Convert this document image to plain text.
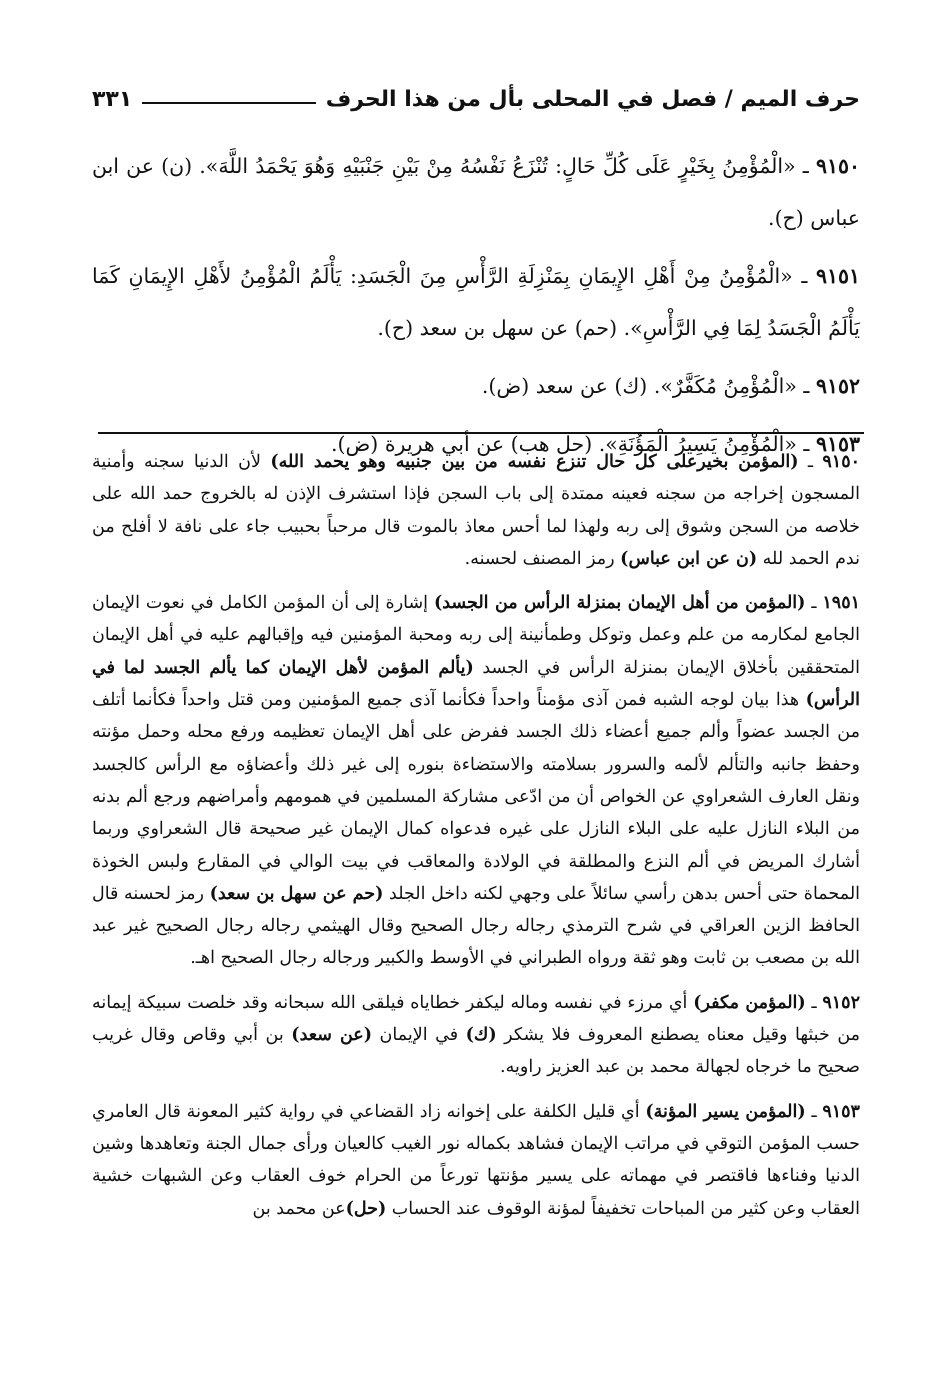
حرف الميم / فصل في المحلى بأل من هذا الحرف
٣٣١

٩١٥٠ ـ «الْمُؤْمِنُ بِخَيْرٍ عَلَى كُلِّ حَالٍ: تُنْزَعُ نَفْسُهُ مِنْ بَيْنِ جَنْبَيْهِ وَهُوَ يَحْمَدُ اللَّهَ». (ن) عن ابن عباس (ح).

٩١٥١ ـ «الْمُؤْمِنُ مِنْ أَهْلِ الإِيمَانِ بِمَنْزِلَةِ الرَّأْسِ مِنَ الْجَسَدِ: يَأْلَمُ الْمُؤْمِنُ لأَهْلِ الإِيمَانِ كَمَا يَأْلَمُ الْجَسَدُ لِمَا فِي الرَّأْسِ». (حم) عن سهل بن سعد (ح).

٩١٥٢ ـ «الْمُؤْمِنُ مُكَفَّرٌ». (ك) عن سعد (ض).

٩١٥٣ ـ «الْمُؤْمِنُ يَسِيرُ الْمَؤُنَةِ». (حل هب) عن أبي هريرة (ض).

٩١٥٠ ـ (المؤمن بخيرعلى كل حال تنزع نفسه من بين جنبيه وهو يحمد الله) لأن الدنيا سجنه وأمنية المسجون إخراجه من سجنه فعينه ممتدة إلى باب السجن فإذا استشرف الإذن له بالخروج حمد الله على خلاصه من السجن وشوق إلى ربه ولهذا لما أحس معاذ بالموت قال مرحباً بحبيب جاء على نافة لا أفلح من ندم الحمد لله (ن عن ابن عباس) رمز المصنف لحسنه.

١٩٥١ ـ (المؤمن من أهل الإيمان بمنزلة الرأس من الجسد) إشارة إلى أن المؤمن الكامل في نعوت الإيمان الجامع لمكارمه من علم وعمل وتوكل وطمأنينة إلى ربه ومحبة المؤمنين فيه وإقبالهم عليه في أهل الإيمان المتحققين بأخلاق الإيمان بمنزلة الرأس في الجسد (يألم المؤمن لأهل الإيمان كما يألم الجسد لما في الرأس) هذا بيان لوجه الشبه فمن آذى مؤمناً واحداً فكأنما آذى جميع المؤمنين ومن قتل واحداً فكأنما أتلف من الجسد عضواً وألم جميع أعضاء ذلك الجسد ففرض على أهل الإيمان تعظيمه ورفع محله وحمل مؤنته وحفظ جانبه والتألم لألمه والسرور بسلامته والاستضاءة بنوره إلى غير ذلك وأعضاؤه مع الرأس كالجسد ونقل العارف الشعراوي عن الخواص أن من ادّعى مشاركة المسلمين في همومهم وأمراضهم ورجع ألم بدنه من البلاء النازل عليه على البلاء النازل على غيره فدعواه كمال الإيمان غير صحيحة قال الشعراوي وربما أشارك المريض في ألم النزع والمطلقة في الولادة والمعاقب في بيت الوالي في المقارع ولبس الخوذة المحماة حتى أحس بدهن رأسي سائلاً على وجهي لكنه داخل الجلد (حم عن سهل بن سعد) رمز لحسنه قال الحافظ الزين العراقي في شرح الترمذي رجاله رجال الصحيح وقال الهيثمي رجاله رجال الصحيح غير عبد الله بن مصعب بن ثابت وهو ثقة ورواه الطبراني في الأوسط والكبير ورجاله رجال الصحيح اهـ.

٩١٥٢ ـ (المؤمن مكفر) أي مرزء في نفسه وماله ليكفر خطاياه فيلقى الله سبحانه وقد خلصت سبيكة إيمانه من خبثها وقيل معناه يصطنع المعروف فلا يشكر (ك) في الإيمان (عن سعد) بن أبي وقاص وقال غريب صحيح ما خرجاه لجهالة محمد بن عبد العزيز راويه.

٩١٥٣ ـ (المؤمن يسير المؤنة) أي قليل الكلفة على إخوانه زاد القضاعي في رواية كثير المعونة قال العامري حسب المؤمن التوقي في مراتب الإيمان فشاهد بكماله نور الغيب كالعيان ورأى جمال الجنة وتعاهدها وشين الدنيا وفناءها فاقتصر في مهماته على يسير مؤنتها تورعاً من الحرام خوف العقاب وعن الشبهات خشية العقاب وعن كثير من المباحات تخفيفاً لمؤنة الوقوف عند الحساب (حل)عن محمد بن
